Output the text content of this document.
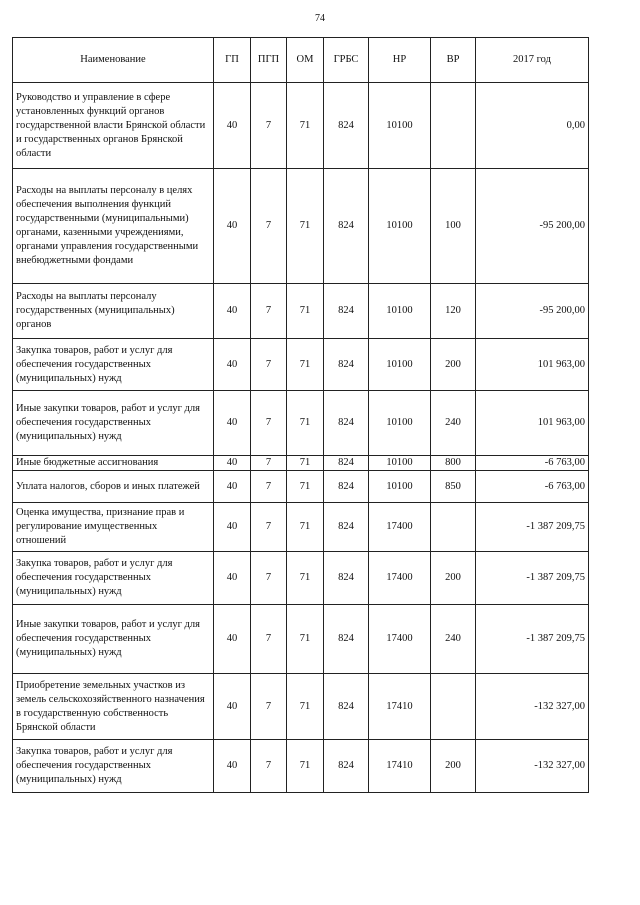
74
Наименование	ГП	ПГП	ОМ	ГРБС	НР	ВР	2017 год
Руководство и управление в сфере установленных функций органов государственной власти Брянской области и государственных органов Брянской области	40	7	71	824	10100		0,00
Расходы на выплаты персоналу в целях обеспечения выполнения функций государственными (муниципальными) органами, казенными учреждениями, органами управления государственными внебюджетными фондами	40	7	71	824	10100	100	-95 200,00
Расходы на выплаты персоналу государственных (муниципальных) органов	40	7	71	824	10100	120	-95 200,00
Закупка товаров, работ и услуг для обеспечения государственных (муниципальных) нужд	40	7	71	824	10100	200	101 963,00
Иные закупки товаров, работ и услуг для обеспечения государственных (муниципальных) нужд	40	7	71	824	10100	240	101 963,00
Иные бюджетные ассигнования	40	7	71	824	10100	800	-6 763,00
Уплата налогов, сборов и иных платежей	40	7	71	824	10100	850	-6 763,00
Оценка имущества, признание прав и регулирование имущественных отношений	40	7	71	824	17400		-1 387 209,75
Закупка товаров, работ и услуг для обеспечения государственных (муниципальных) нужд	40	7	71	824	17400	200	-1 387 209,75
Иные закупки товаров, работ и услуг для обеспечения государственных (муниципальных) нужд	40	7	71	824	17400	240	-1 387 209,75
Приобретение земельных участков из земель сельскохозяйственного назначения в государственную собственность Брянской области	40	7	71	824	17410		-132 327,00
Закупка товаров, работ и услуг для обеспечения государственных (муниципальных) нужд	40	7	71	824	17410	200	-132 327,00
